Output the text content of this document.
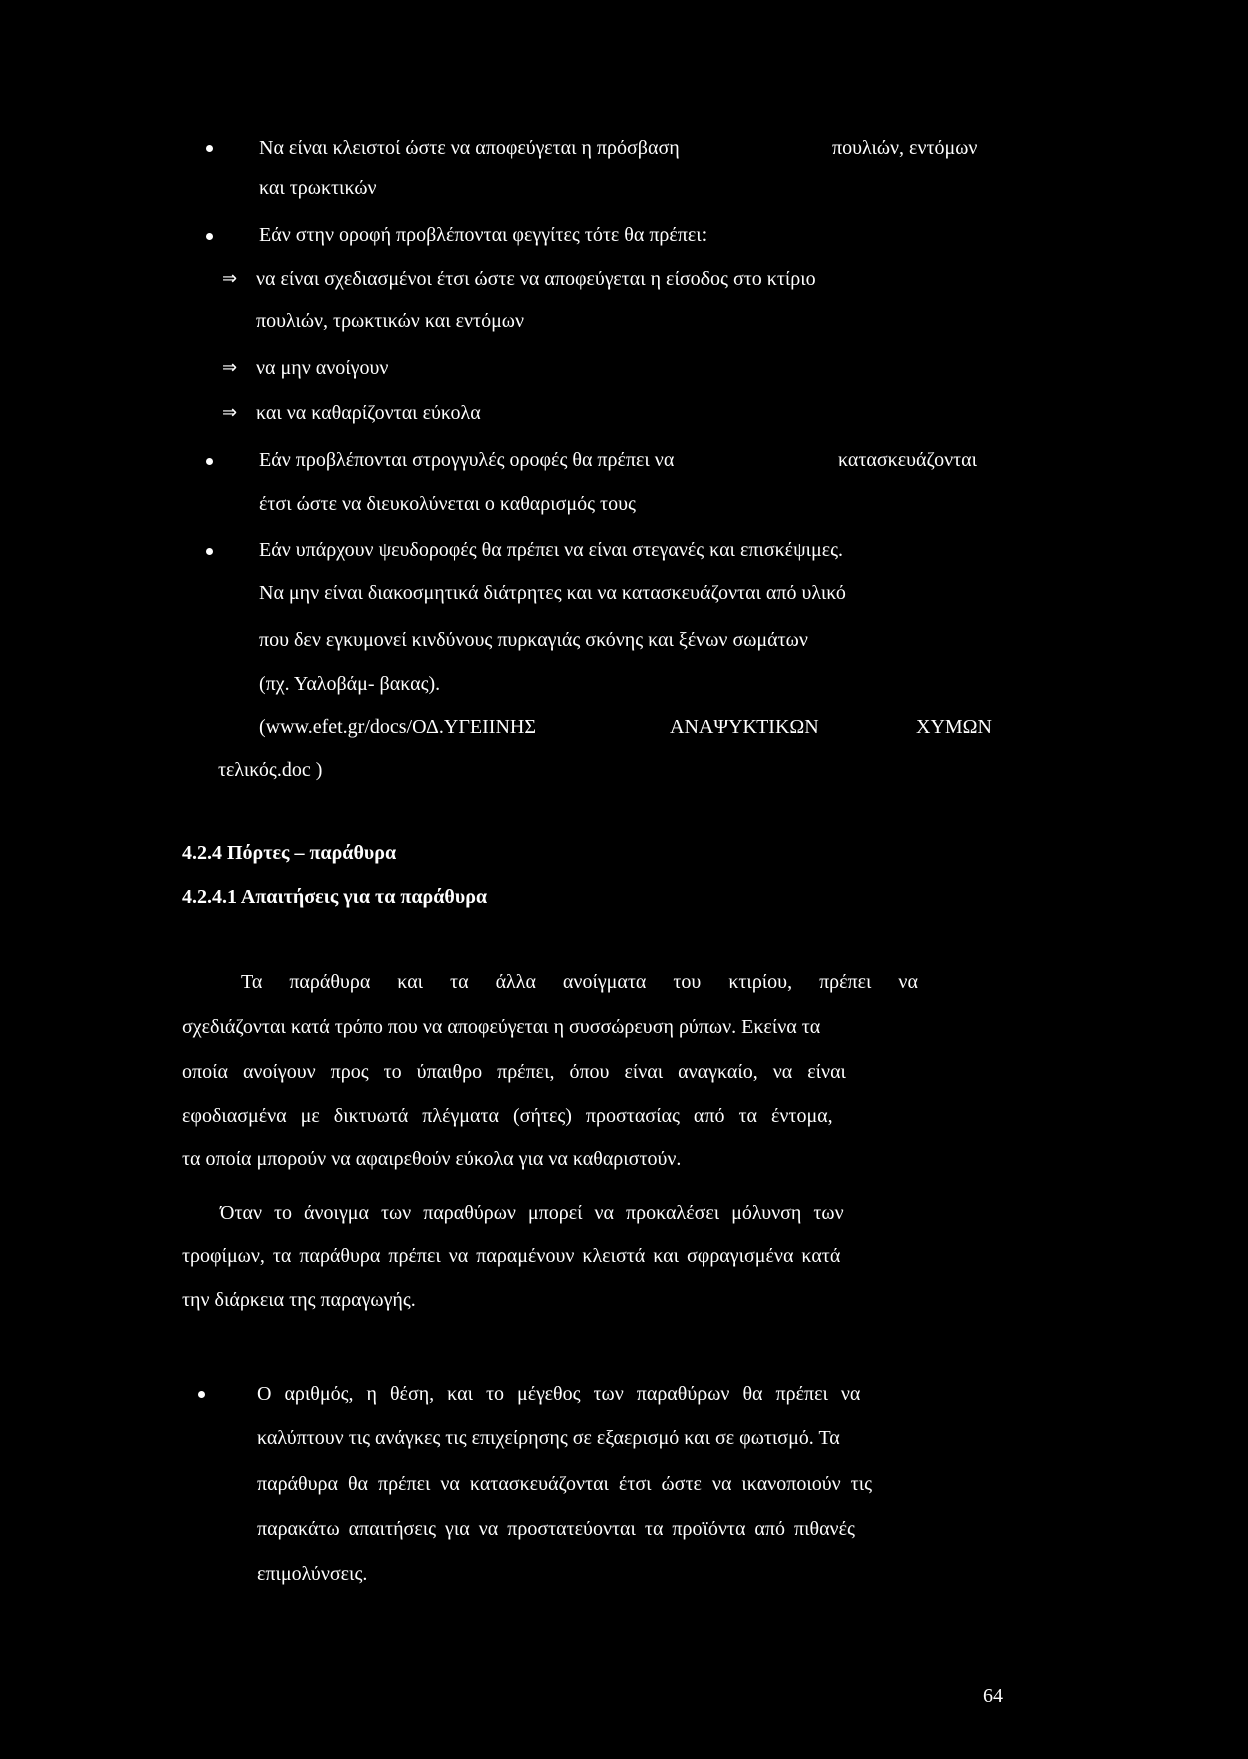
Να είναι κλειστοί ώστε να αποφεύγεται η πρόσβαση	πουλιών, εντόμων
και τρωκτικών
Εάν στην οροφή προβλέπονται φεγγίτες τότε θα πρέπει:
⇒ να είναι σχεδιασμένοι έτσι ώστε να αποφεύγεται η είσοδος στο κτίριο
πουλιών, τρωκτικών και εντόμων
⇒ να μην ανοίγουν
⇒ και να καθαρίζονται εύκολα
Εάν προβλέπονται στρογγυλές οροφές θα πρέπει να	κατασκευάζονται
έτσι ώστε να διευκολύνεται ο καθαρισμός τους
Εάν υπάρχουν ψευδοροφές θα πρέπει να είναι στεγανές και επισκέψιμες.
Να μην είναι διακοσμητικά διάτρητες και να κατασκευάζονται από υλικό
που δεν εγκυμονεί κινδύνους πυρκαγιάς σκόνης και ξένων σωμάτων
(πχ. Υαλοβάμ- βακας).
(www.efet.gr/docs/ΟΔ.ΥΓΕΙΙΝΗΣ	ΑΝΑΨΥΚΤΙΚΩΝ	ΧΥΜΩΝ
τελικός.doc )
4.2.4 Πόρτες – παράθυρα
4.2.4.1 Απαιτήσεις για τα παράθυρα
Τα παράθυρα και τα άλλα ανοίγματα του κτιρίου, πρέπει να
σχεδιάζονται κατά τρόπο που να αποφεύγεται η συσσώρευση ρύπων. Εκείνα τα
οποία ανοίγουν προς το ύπαιθρο πρέπει, όπου είναι αναγκαίο, να είναι
εφοδιασμένα με δικτυωτά πλέγματα (σήτες) προστασίας από τα έντομα,
τα οποία μπορούν να αφαιρεθούν εύκολα για να καθαριστούν.
Όταν το άνοιγμα των παραθύρων μπορεί να προκαλέσει μόλυνση των
τροφίμων, τα παράθυρα πρέπει να παραμένουν κλειστά και σφραγισμένα κατά
την διάρκεια της παραγωγής.
Ο αριθμός, η θέση, και το μέγεθος των παραθύρων θα πρέπει να
καλύπτουν τις ανάγκες τις επιχείρησης σε εξαερισμό και σε φωτισμό. Τα
παράθυρα θα πρέπει να κατασκευάζονται έτσι ώστε να ικανοποιούν τις
παρακάτω απαιτήσεις για να προστατεύονται τα προϊόντα από πιθανές
επιμολύνσεις.
64
